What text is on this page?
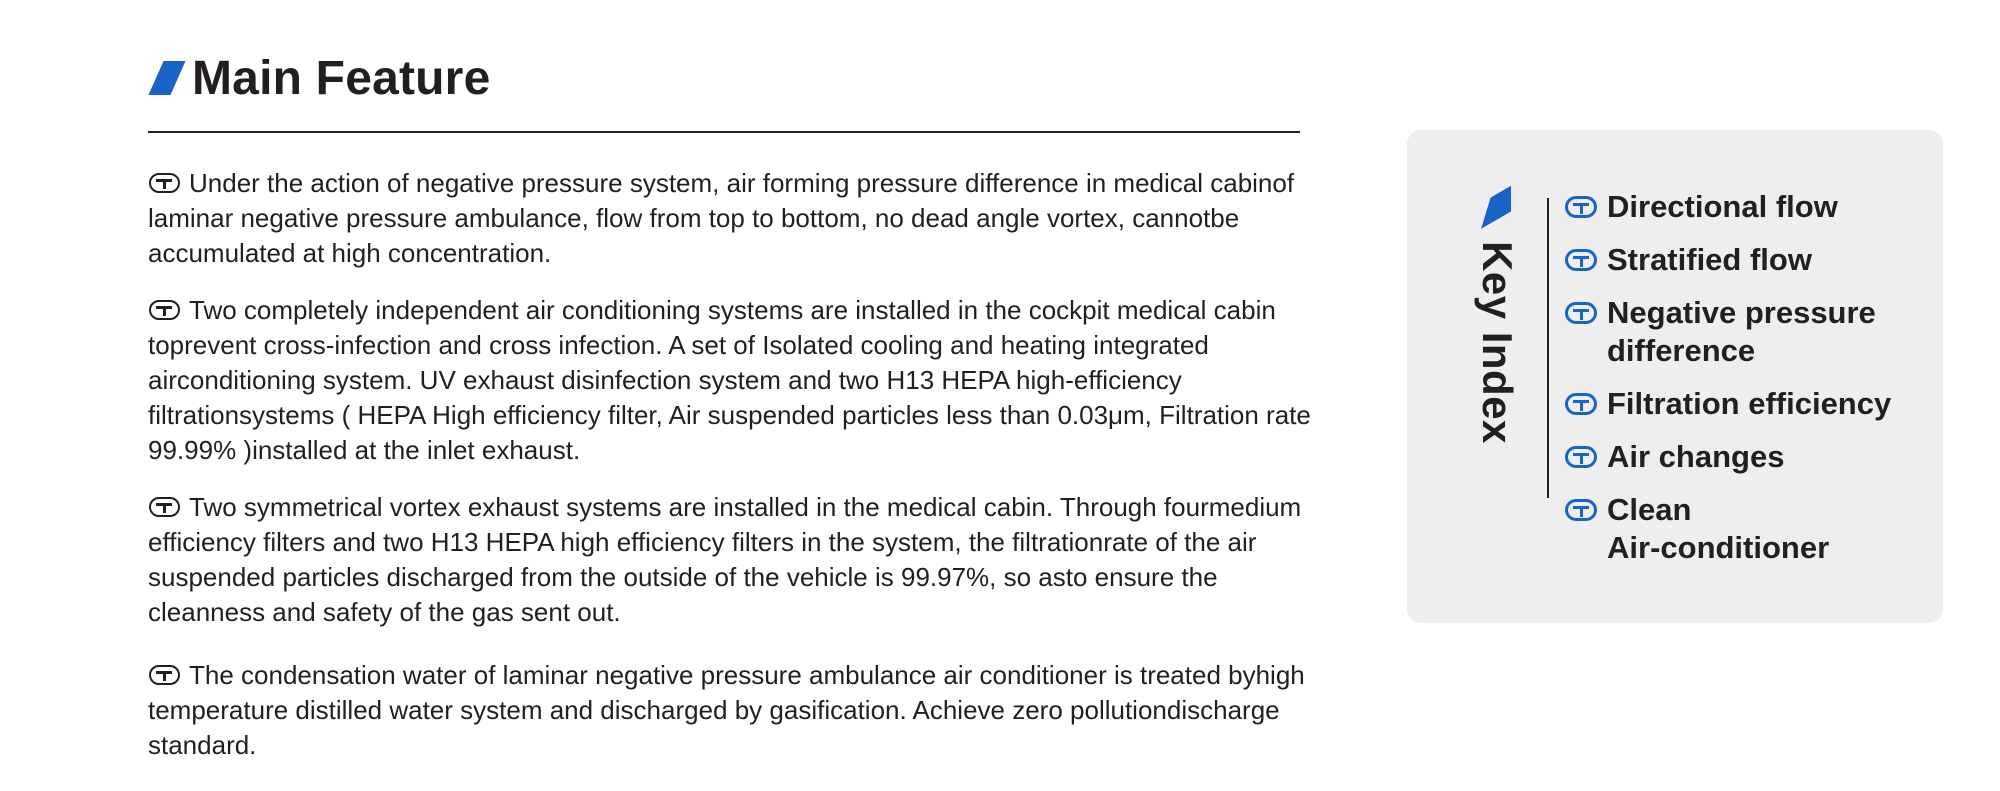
Main Feature

Under the action of negative pressure system, air forming pressure difference in medical cabinof laminar negative pressure ambulance, flow from top to bottom, no dead angle vortex, cannotbe accumulated at high concentration.

Two completely independent air conditioning systems are installed in the cockpit medical cabin toprevent cross-infection and cross infection. A set of Isolated cooling and heating integrated airconditioning system. UV exhaust disinfection system and two H13 HEPA high-efficiency filtrationsystems ( HEPA High efficiency filter, Air suspended particles less than 0.03μm, Filtration rate 99.99% )installed at the inlet exhaust.

Two symmetrical vortex exhaust systems are installed in the medical cabin. Through fourmedium efficiency filters and two H13 HEPA high efficiency filters in the system, the filtrationrate of the air suspended particles discharged from the outside of the vehicle is 99.97%, so asto ensure the cleanness and safety of the gas sent out.

The condensation water of laminar negative pressure ambulance air conditioner is treated byhigh temperature distilled water system and discharged by gasification. Achieve zero pollutiondischarge standard.

Key Index
Directional flow
Stratified flow
Negative pressure
difference
Filtration efficiency
Air changes
Clean
Air-conditioner
